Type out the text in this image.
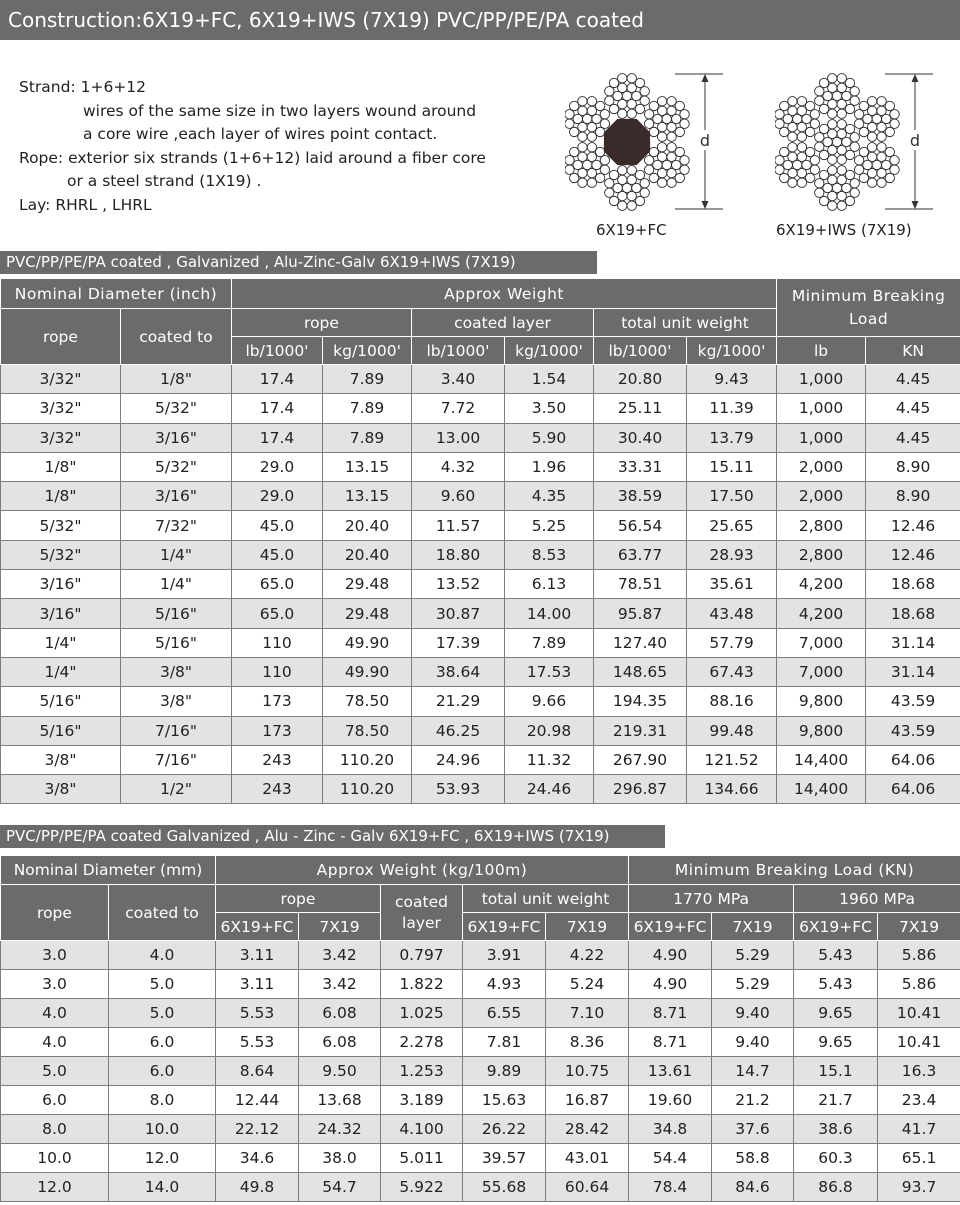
Construction:6X19+FC, 6X19+IWS (7X19) PVC/PP/PE/PA coated
Strand: 1+6+12
wires of the same size in two layers wound around
a core wire ,each layer of wires point contact.
Rope: exterior six strands (1+6+12) laid around a fiber core
or a steel strand (1X19) .
Lay: RHRL , LHRL
d
6X19+FC
d
6X19+IWS (7X19)
PVC/PP/PE/PA coated , Galvanized , Alu-Zinc-Galv 6X19+IWS (7X19)
Nominal Diameter (inch)		Approx Weight						Minimum Breaking Load	
rope	coated to	rope		coated layer		total unit weight			
		lb/1000'	kg/1000'	lb/1000'	kg/1000'	lb/1000'	kg/1000'	lb	KN
3/32"	1/8"	17.4	7.89	3.40	1.54	20.80	9.43	1,000	4.45
3/32"	5/32"	17.4	7.89	7.72	3.50	25.11	11.39	1,000	4.45
3/32"	3/16"	17.4	7.89	13.00	5.90	30.40	13.79	1,000	4.45
1/8"	5/32"	29.0	13.15	4.32	1.96	33.31	15.11	2,000	8.90
1/8"	3/16"	29.0	13.15	9.60	4.35	38.59	17.50	2,000	8.90
5/32"	7/32"	45.0	20.40	11.57	5.25	56.54	25.65	2,800	12.46
5/32"	1/4"	45.0	20.40	18.80	8.53	63.77	28.93	2,800	12.46
3/16"	1/4"	65.0	29.48	13.52	6.13	78.51	35.61	4,200	18.68
3/16"	5/16"	65.0	29.48	30.87	14.00	95.87	43.48	4,200	18.68
1/4"	5/16"	110	49.90	17.39	7.89	127.40	57.79	7,000	31.14
1/4"	3/8"	110	49.90	38.64	17.53	148.65	67.43	7,000	31.14
5/16"	3/8"	173	78.50	21.29	9.66	194.35	88.16	9,800	43.59
5/16"	7/16"	173	78.50	46.25	20.98	219.31	99.48	9,800	43.59
3/8"	7/16"	243	110.20	24.96	11.32	267.90	121.52	14,400	64.06
3/8"	1/2"	243	110.20	53.93	24.46	296.87	134.66	14,400	64.06
PVC/PP/PE/PA coated Galvanized , Alu - Zinc - Galv 6X19+FC , 6X19+IWS (7X19)
Nominal Diameter (mm)		Approx Weight (kg/100m)					Minimum Breaking Load (KN)			
rope	coated to	rope		coated layer	total unit weight		1770 MPa		1960 MPa	
		6X19+FC	7X19		6X19+FC	7X19	6X19+FC	7X19	6X19+FC	7X19
3.0	4.0	3.11	3.42	0.797	3.91	4.22	4.90	5.29	5.43	5.86
3.0	5.0	3.11	3.42	1.822	4.93	5.24	4.90	5.29	5.43	5.86
4.0	5.0	5.53	6.08	1.025	6.55	7.10	8.71	9.40	9.65	10.41
4.0	6.0	5.53	6.08	2.278	7.81	8.36	8.71	9.40	9.65	10.41
5.0	6.0	8.64	9.50	1.253	9.89	10.75	13.61	14.7	15.1	16.3
6.0	8.0	12.44	13.68	3.189	15.63	16.87	19.60	21.2	21.7	23.4
8.0	10.0	22.12	24.32	4.100	26.22	28.42	34.8	37.6	38.6	41.7
10.0	12.0	34.6	38.0	5.011	39.57	43.01	54.4	58.8	60.3	65.1
12.0	14.0	49.8	54.7	5.922	55.68	60.64	78.4	84.6	86.8	93.7
